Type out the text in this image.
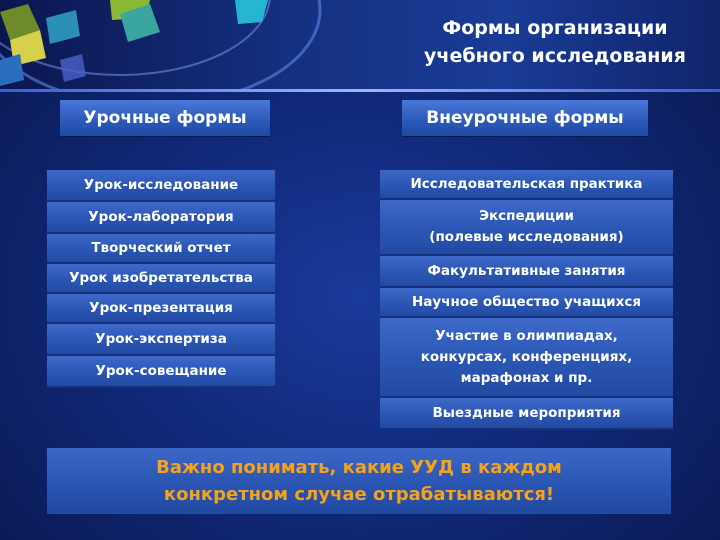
Формы организации
учебного исследования
Урочные формы	Внеурочные формы
Урок-исследование
Урок-лаборатория
Творческий отчет
Урок изобретательства
Урок-презентация
Урок-экспертиза
Урок-совещание
Исследовательская практика
Экспедиции
(полевые исследования)
Факультативные занятия
Научное общество учащихся
Участие в олимпиадах,
конкурсах, конференциях,
марафонах и пр.
Выездные мероприятия
Важно понимать, какие УУД в каждом
конкретном случае отрабатываются!
